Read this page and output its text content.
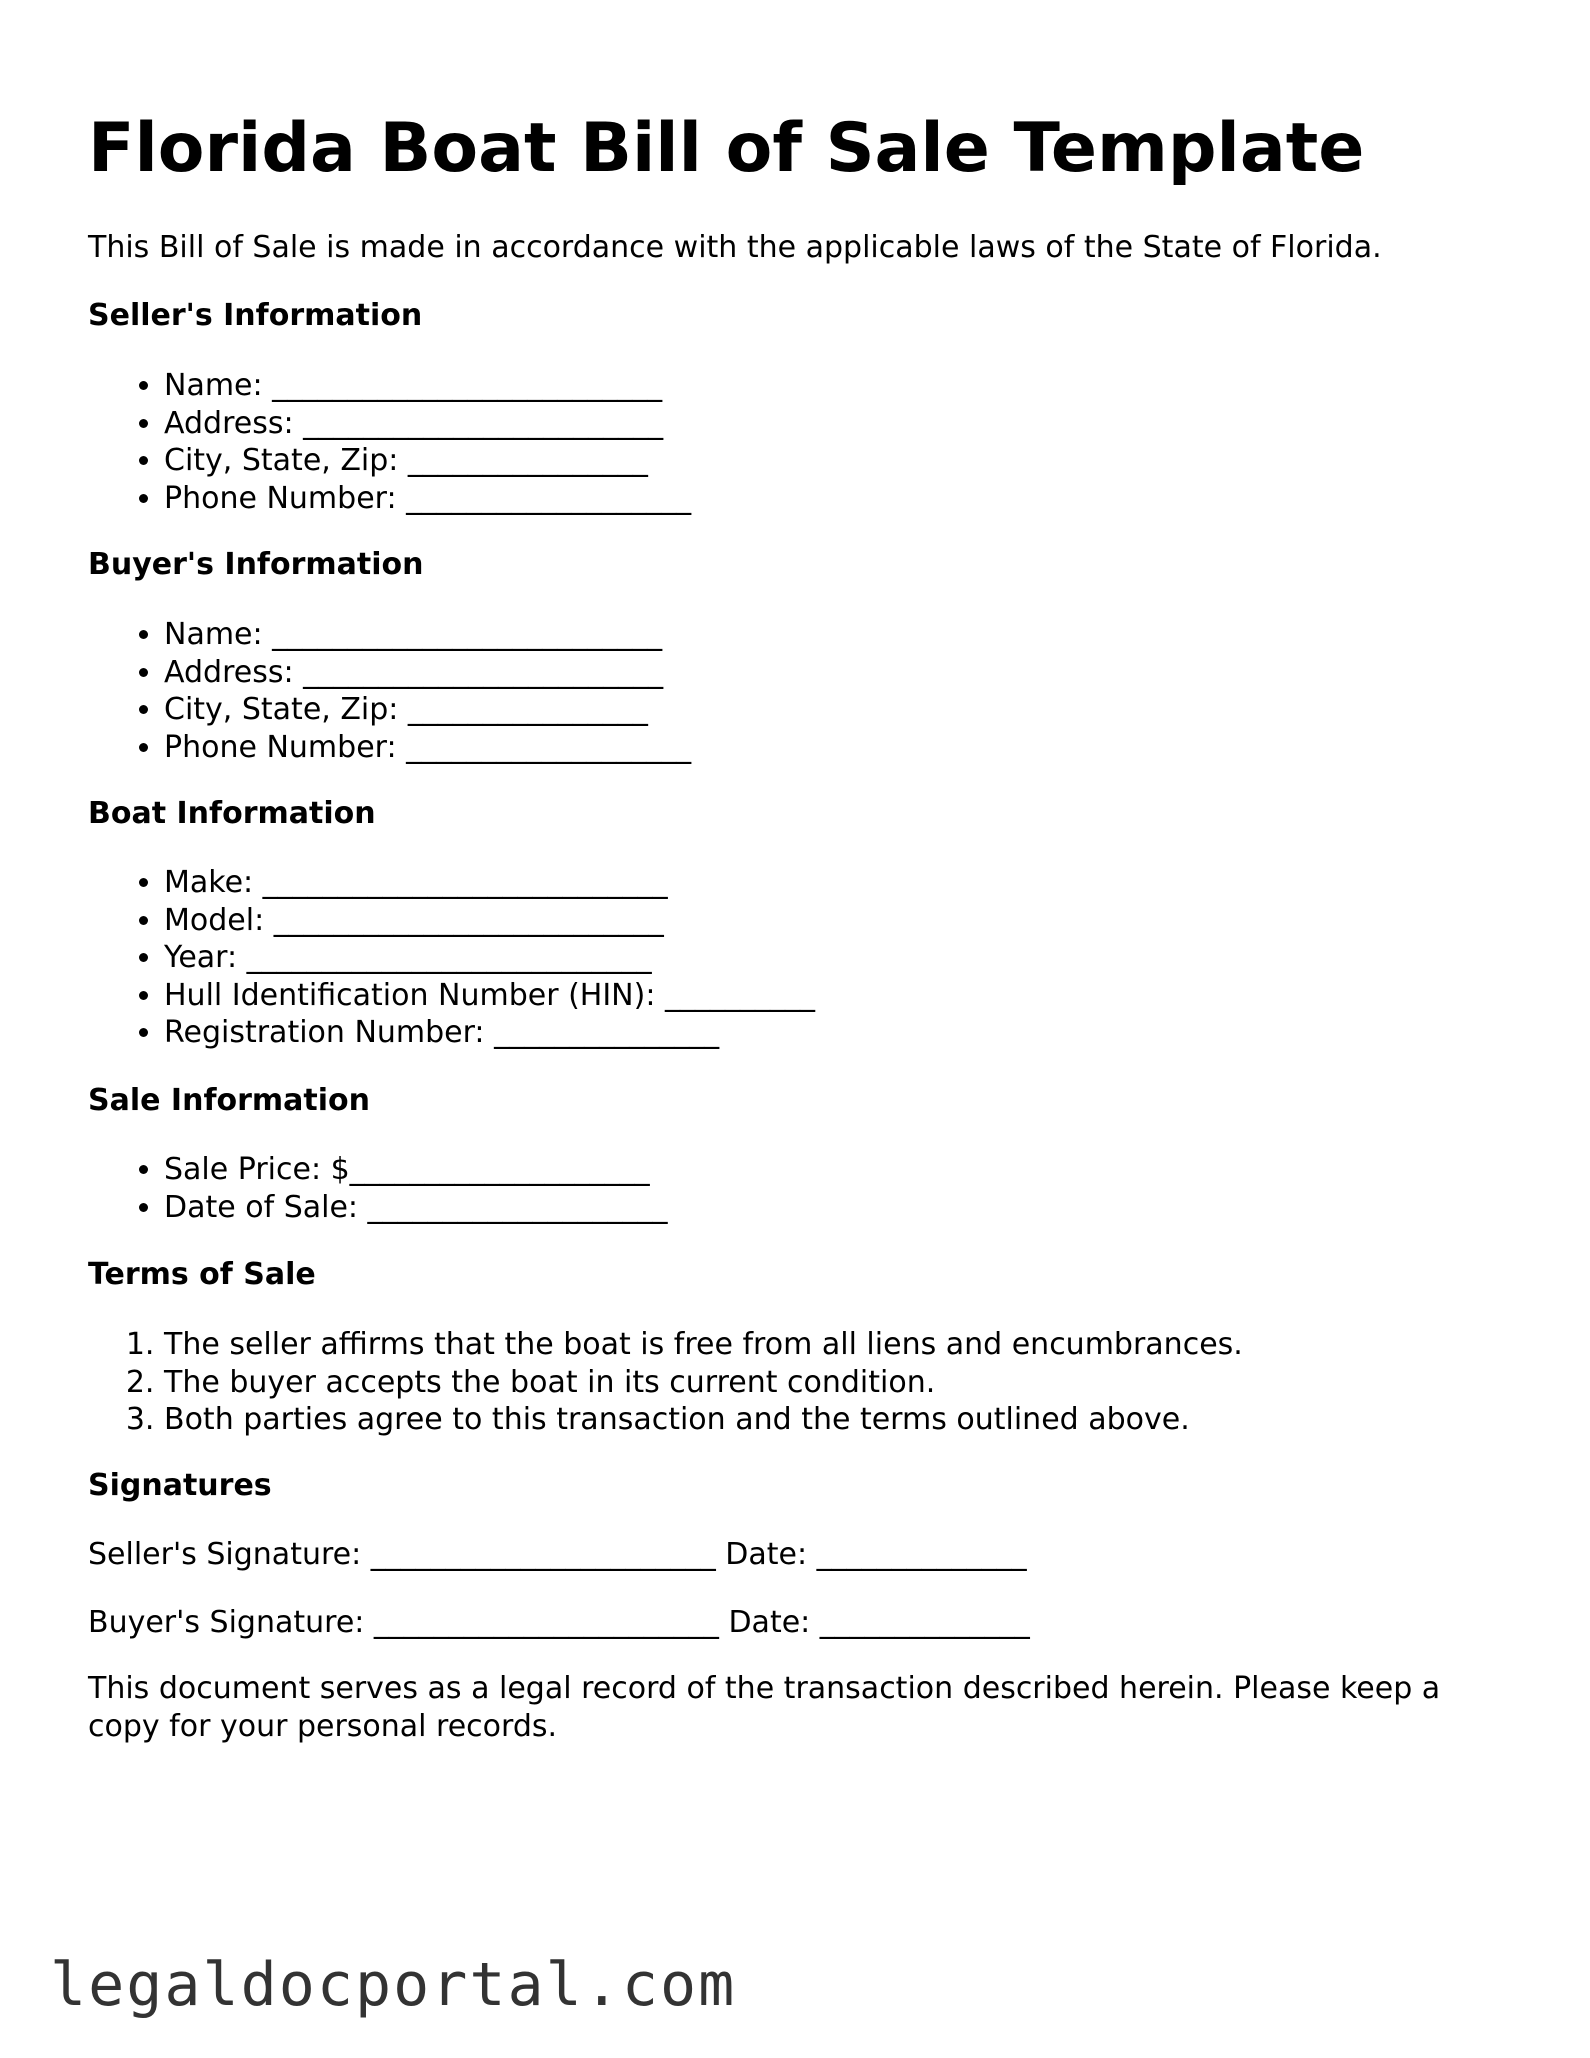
Florida Boat Bill of Sale Template
This Bill of Sale is made in accordance with the applicable laws of the State of Florida.
Seller's Information
• Name: __________________________
• Address: ________________________
• City, State, Zip: ________________
• Phone Number: ___________________
Buyer's Information
• Name: __________________________
• Address: ________________________
• City, State, Zip: ________________
• Phone Number: ___________________
Boat Information
• Make: ___________________________
• Model: __________________________
• Year: ___________________________
• Hull Identification Number (HIN): __________
• Registration Number: _______________
Sale Information
• Sale Price: $____________________
• Date of Sale: ____________________
Terms of Sale
1. The seller affirms that the boat is free from all liens and encumbrances.
2. The buyer accepts the boat in its current condition.
3. Both parties agree to this transaction and the terms outlined above.
Signatures
Seller's Signature: _______________________ Date: ______________
Buyer's Signature: _______________________ Date: ______________
This document serves as a legal record of the transaction described herein. Please keep a copy for your personal records.
legaldocportal.com
